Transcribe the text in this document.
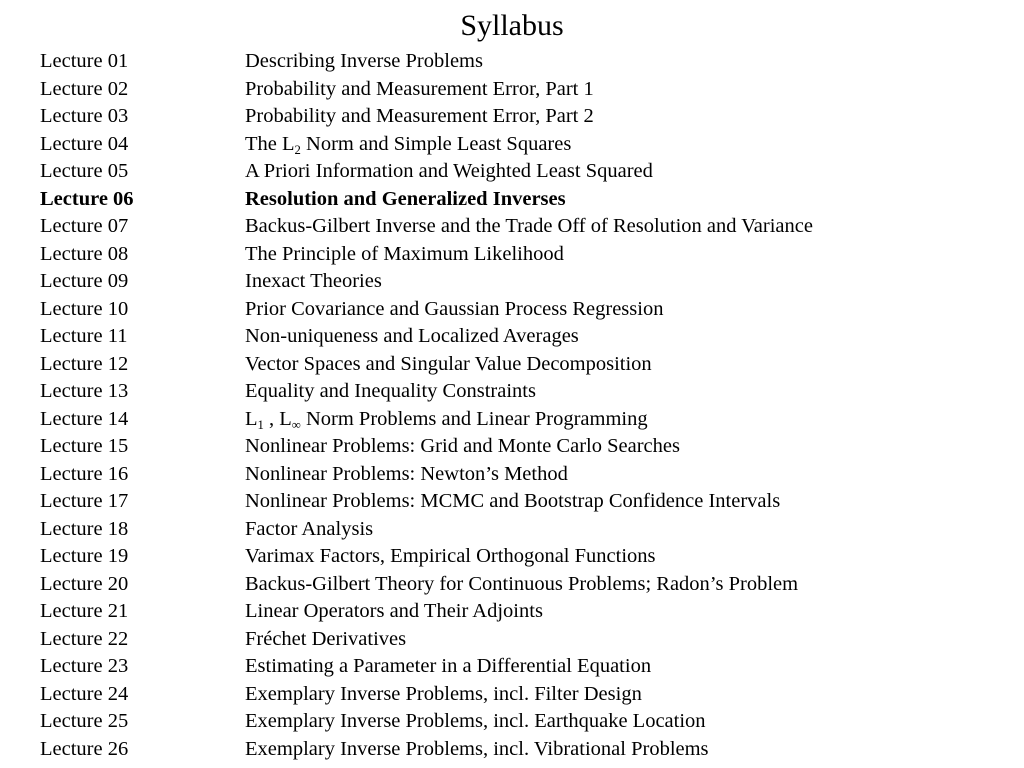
Syllabus
Lecture 01	Describing Inverse Problems
Lecture 02	Probability and Measurement Error, Part 1
Lecture 03	Probability and Measurement Error, Part 2
Lecture 04	The $L_2$ Norm and Simple Least Squares
Lecture 05	A Priori Information and Weighted Least Squared
Lecture 06	Resolution and Generalized Inverses
Lecture 07	Backus-Gilbert Inverse and the Trade Off of Resolution and Variance
Lecture 08	The Principle of Maximum Likelihood
Lecture 09	Inexact Theories
Lecture 10	Prior Covariance and Gaussian Process Regression
Lecture 11	Non-uniqueness and Localized Averages
Lecture 12	Vector Spaces and Singular Value Decomposition
Lecture 13	Equality and Inequality Constraints
Lecture 14	$L_1$ , $L_\infty$ Norm Problems and Linear Programming
Lecture 15	Nonlinear Problems: Grid and Monte Carlo Searches
Lecture 16	Nonlinear Problems: Newton’s Method
Lecture 17	Nonlinear Problems: MCMC and Bootstrap Confidence Intervals
Lecture 18	Factor Analysis
Lecture 19	Varimax Factors, Empirical Orthogonal Functions
Lecture 20	Backus-Gilbert Theory for Continuous Problems; Radon’s Problem
Lecture 21	Linear Operators and Their Adjoints
Lecture 22	Fréchet Derivatives
Lecture 23	Estimating a Parameter in a Differential Equation
Lecture 24	Exemplary Inverse Problems, incl. Filter Design
Lecture 25	Exemplary Inverse Problems, incl. Earthquake Location
Lecture 26	Exemplary Inverse Problems, incl. Vibrational Problems
